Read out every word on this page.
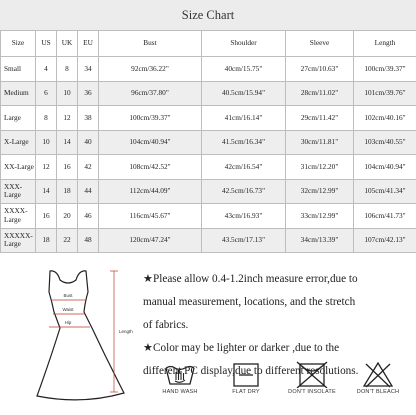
Size Chart
Size	US	UK	EU	Bust	Shoulder	Sleeve	Length
Small	4	8	34	92cm/36.22"	40cm/15.75"	27cm/10.63"	100cm/39.37"
Medium	6	10	36	96cm/37.80"	40.5cm/15.94"	28cm/11.02"	101cm/39.76"
Large	8	12	38	100cm/39.37"	41cm/16.14"	29cm/11.42"	102cm/40.16"
X-Large	10	14	40	104cm/40.94"	41.5cm/16.34"	30cm/11.81"	103cm/40.55"
XX-Large	12	16	42	108cm/42.52"	42cm/16.54"	31cm/12.20"	104cm/40.94"
XXX-
Large	14	18	44	112cm/44.09"	42.5cm/16.73"	32cm/12.99"	105cm/41.34"
XXXX-
Large	16	20	46	116cm/45.67"	43cm/16.93"	33cm/12.99"	106cm/41.73"
XXXXX-
Large	18	22	48	120cm/47.24"	43.5cm/17.13"	34cm/13.39"	107cm/42.13"
Bust
Waist
Hip
Length

★Please allow 0.4-1.2inch measure error,due to

manual measurement, locations, and the stretch

of fabrics.

★Color may be lighter or darker ,due to the

different PC display,due to different resolutions.

HAND WASH	FLAT DRY	DON'T INSOLATE	DON'T BLEACH
